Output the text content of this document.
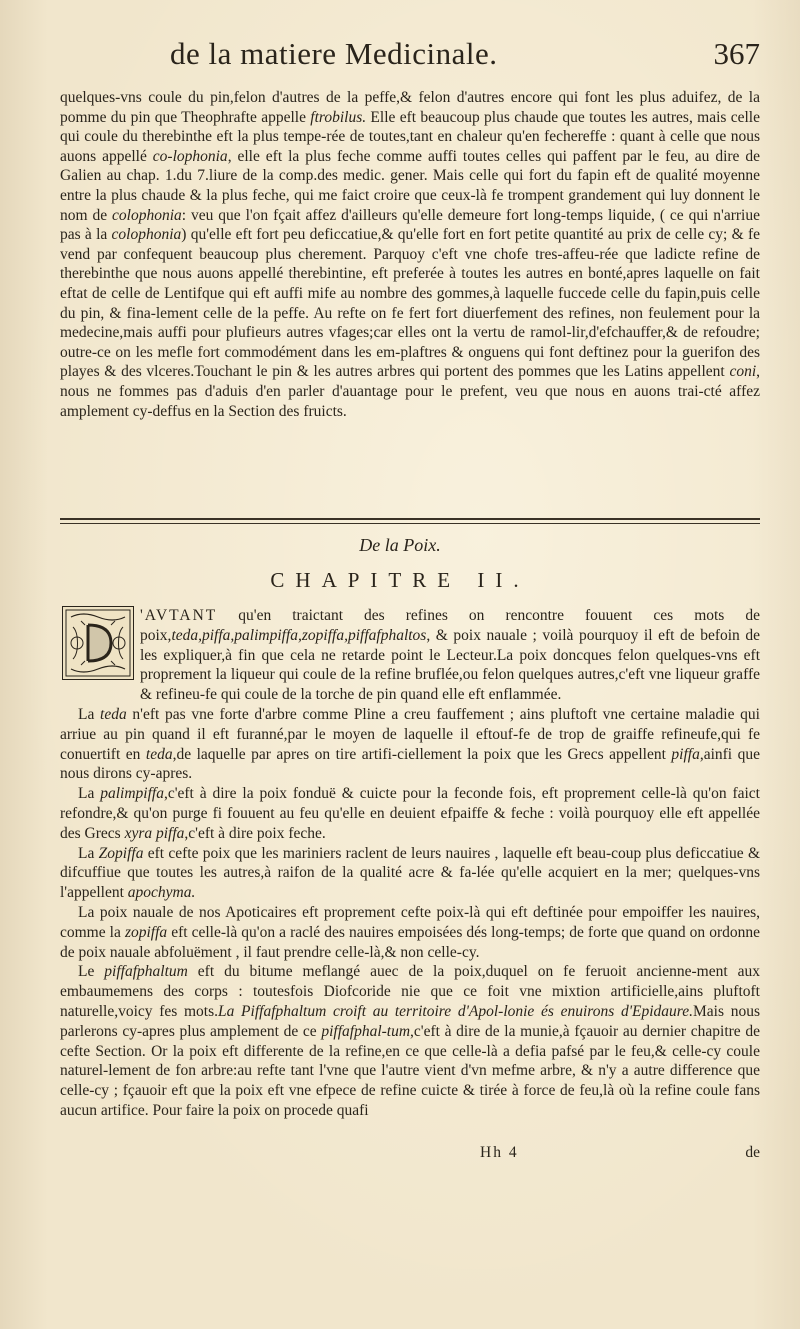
de la matiere Medicinale.	367

quelques-vns coule du pin,felon d'autres de la peffe,& felon d'autres encore qui font les plus aduifez, de la pomme du pin que Theophrafte appelle ftrobilus. Elle eft beaucoup plus chaude que toutes les autres, mais celle qui coule du therebinthe eft la plus tempe-rée de toutes,tant en chaleur qu'en fechereffe : quant à celle que nous auons appellé co-lophonia, elle eft la plus feche comme auffi toutes celles qui paffent par le feu, au dire de Galien au chap. 1.du 7.liure de la comp.des medic. gener. Mais celle qui fort du fapin eft de qualité moyenne entre la plus chaude & la plus feche, qui me faict croire que ceux-là fe trompent grandement qui luy donnent le nom de colophonia: veu que l'on fçait affez d'ailleurs qu'elle demeure fort long-temps liquide, ( ce qui n'arriue pas à la colophonia) qu'elle eft fort peu deficcatiue,& qu'elle fort en fort petite quantité au prix de celle cy; & fe vend par confequent beaucoup plus cherement. Parquoy c'eft vne chofe tres-affeu-rée que ladicte refine de therebinthe que nous auons appellé therebintine, eft preferée à toutes les autres en bonté,apres laquelle on fait eftat de celle de Lentifque qui eft auffi mife au nombre des gommes,à laquelle fuccede celle du fapin,puis celle du pin, & fina-lement celle de la peffe. Au refte on fe fert fort diuerfement des refines, non feulement pour la medecine,mais auffi pour plufieurs autres vfages;car elles ont la vertu de ramol-lir,d'efchauffer,& de refoudre; outre-ce on les mefle fort commodément dans les em-plaftres & onguens qui font deftinez pour la guerifon des playes & des vlceres.Touchant le pin & les autres arbres qui portent des pommes que les Latins appellent coni, nous ne fommes pas d'aduis d'en parler d'auantage pour le prefent, veu que nous en auons trai-cté affez amplement cy-deffus en la Section des fruicts.

De la Poix.
CHAPITRE II.

'AVTANT qu'en traictant des refines on rencontre fouuent ces mots de poix,teda,piffa,palimpiffa,zopiffa,piffafphaltos, & poix nauale ; voilà pourquoy il eft de befoin de les expliquer,à fin que cela ne retarde point le Lecteur.La poix doncques felon quelques-vns eft proprement la liqueur qui coule de la refine bruflée,ou felon quelques autres,c'eft vne liqueur graffe & refineu-fe qui coule de la torche de pin quand elle eft enflammée.

La teda n'eft pas vne forte d'arbre comme Pline a creu fauffement ; ains pluftoft vne certaine maladie qui arriue au pin quand il eft furanné,par le moyen de laquelle il eftouf-fe de trop de graiffe refineufe,qui fe conuertift en teda,de laquelle par apres on tire artifi-ciellement la poix que les Grecs appellent piffa,ainfi que nous dirons cy-apres.

La palimpiffa,c'eft à dire la poix fonduë & cuicte pour la feconde fois, eft proprement celle-là qu'on faict refondre,& qu'on purge fi fouuent au feu qu'elle en deuient efpaiffe & feche : voilà pourquoy elle eft appellée des Grecs xyra piffa,c'eft à dire poix feche.

La Zopiffa eft cefte poix que les mariniers raclent de leurs nauires , laquelle eft beau-coup plus deficcatiue & difcuffiue que toutes les autres,à raifon de la qualité acre & fa-lée qu'elle acquiert en la mer; quelques-vns l'appellent apochyma.

La poix nauale de nos Apoticaires eft proprement cefte poix-là qui eft deftinée pour empoiffer les nauires, comme la zopiffa eft celle-là qu'on a raclé des nauires empoisées dés long-temps; de forte que quand on ordonne de poix nauale abfoluëment , il faut prendre celle-là,& non celle-cy.

Le piffafphaltum eft du bitume meflangé auec de la poix,duquel on fe feruoit ancienne-ment aux embaumemens des corps : toutesfois Diofcoride nie que ce foit vne mixtion artificielle,ains pluftoft naturelle,voicy fes mots.La Piffafphaltum croift au territoire d'Apol-lonie és enuirons d'Epidaure.Mais nous parlerons cy-apres plus amplement de ce piffafphal-tum,c'eft à dire de la munie,à fçauoir au dernier chapitre de cefte Section. Or la poix eft differente de la refine,en ce que celle-là a defia pafsé par le feu,& celle-cy coule naturel-lement de fon arbre:au refte tant l'vne que l'autre vient d'vn mefme arbre, & n'y a autre difference que celle-cy ; fçauoir eft que la poix eft vne efpece de refine cuicte & tirée à force de feu,là où la refine coule fans aucun artifice. Pour faire la poix on procede quafi

Hh 4	de
